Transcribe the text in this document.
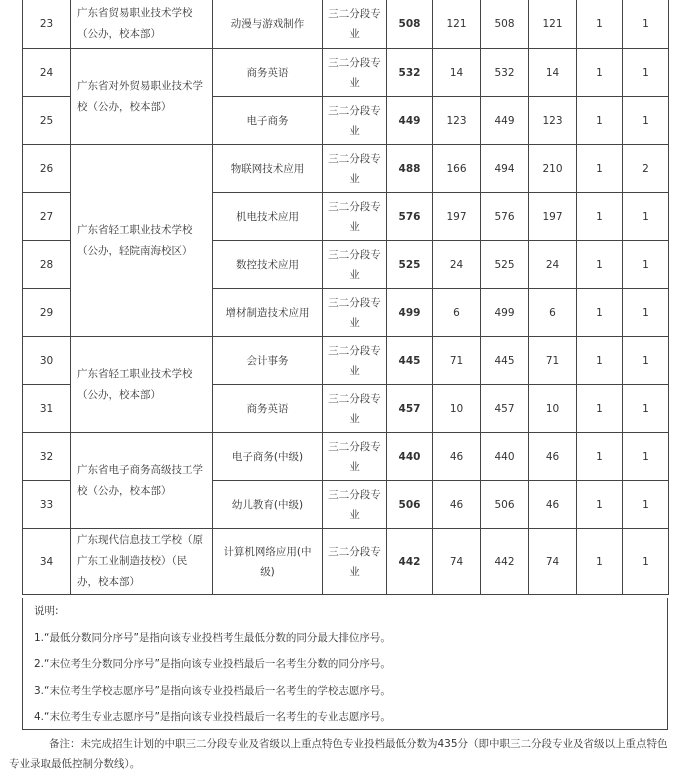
23	广东省贸易职业技术学校（公办，校本部）	动漫与游戏制作	三二分段专业	508	121	508	121	1	1
24	广东省对外贸易职业技术学校（公办，校本部）	商务英语	三二分段专业	532	14	532	14	1	1
25		电子商务	三二分段专业	449	123	449	123	1	1
26	广东省轻工职业技术学校（公办，轻院南海校区）	物联网技术应用	三二分段专业	488	166	494	210	1	2
27		机电技术应用	三二分段专业	576	197	576	197	1	1
28		数控技术应用	三二分段专业	525	24	525	24	1	1
29		增材制造技术应用	三二分段专业	499	6	499	6	1	1
30	广东省轻工职业技术学校（公办，校本部）	会计事务	三二分段专业	445	71	445	71	1	1
31		商务英语	三二分段专业	457	10	457	10	1	1
32	广东省电子商务高级技工学校（公办，校本部）	电子商务(中级)	三二分段专业	440	46	440	46	1	1
33		幼儿教育(中级)	三二分段专业	506	46	506	46	1	1
34	广东现代信息技工学校（原广东工业制造技校）（民办，校本部）	计算机网络应用(中级)	三二分段专业	442	74	442	74	1	1
说明:
1.“最低分数同分序号”是指向该专业投档考生最低分数的同分最大排位序号。
2.“末位考生分数同分序号”是指向该专业投档最后一名考生分数的同分序号。
3.“末位考生学校志愿序号”是指向该专业投档最后一名考生的学校志愿序号。
4.“末位考生专业志愿序号”是指向该专业投档最后一名考生的专业志愿序号。
备注：未完成招生计划的中职三二分段专业及省级以上重点特色专业投档最低分数为435分（即中职三二分段专业及省级以上重点特色专业录取最低控制分数线）。
